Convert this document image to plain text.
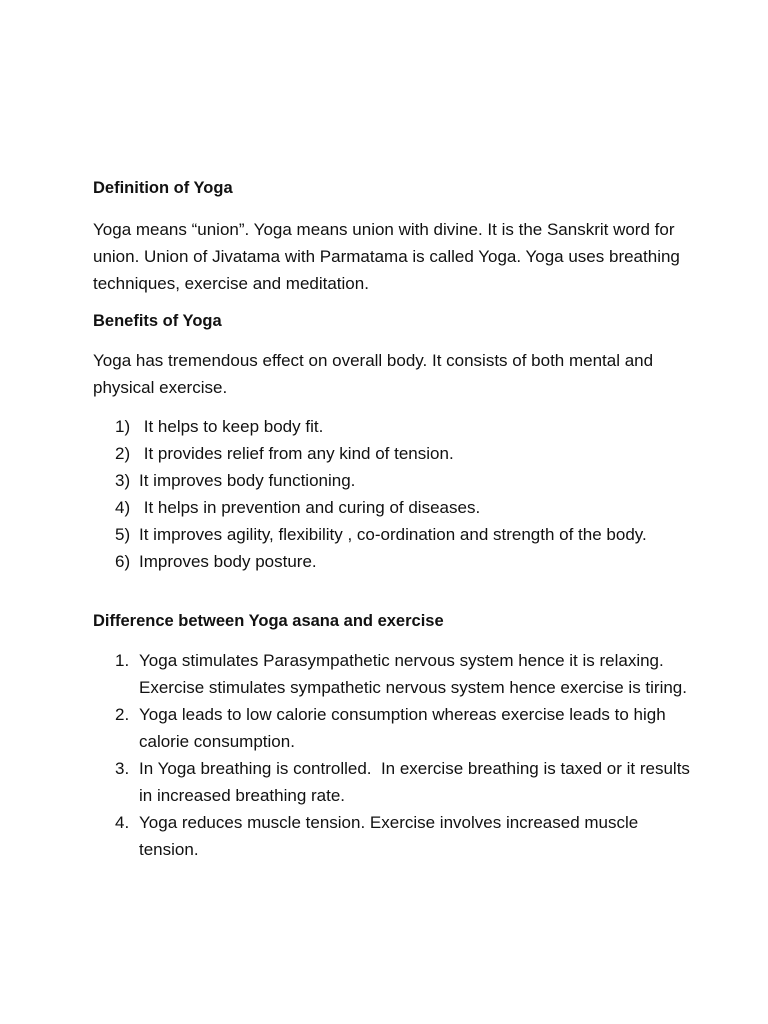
Definition of Yoga

Yoga means “union”. Yoga means union with divine. It is the Sanskrit word for union. Union of Jivatama with Parmatama is called Yoga. Yoga uses breathing techniques, exercise and meditation.

Benefits of Yoga

Yoga has tremendous effect on overall body. It consists of both mental and physical exercise.

1) It helps to keep body fit.
2) It provides relief from any kind of tension.
3) It improves body functioning.
4) It helps in prevention and curing of diseases.
5) It improves agility, flexibility , co-ordination and strength of the body.
6) Improves body posture.

Difference between Yoga asana and exercise

1. Yoga stimulates Parasympathetic nervous system hence it is relaxing. Exercise stimulates sympathetic nervous system hence exercise is tiring.
2. Yoga leads to low calorie consumption whereas exercise leads to high calorie consumption.
3. In Yoga breathing is controlled.  In exercise breathing is taxed or it results in increased breathing rate.
4. Yoga reduces muscle tension. Exercise involves increased muscle tension.
